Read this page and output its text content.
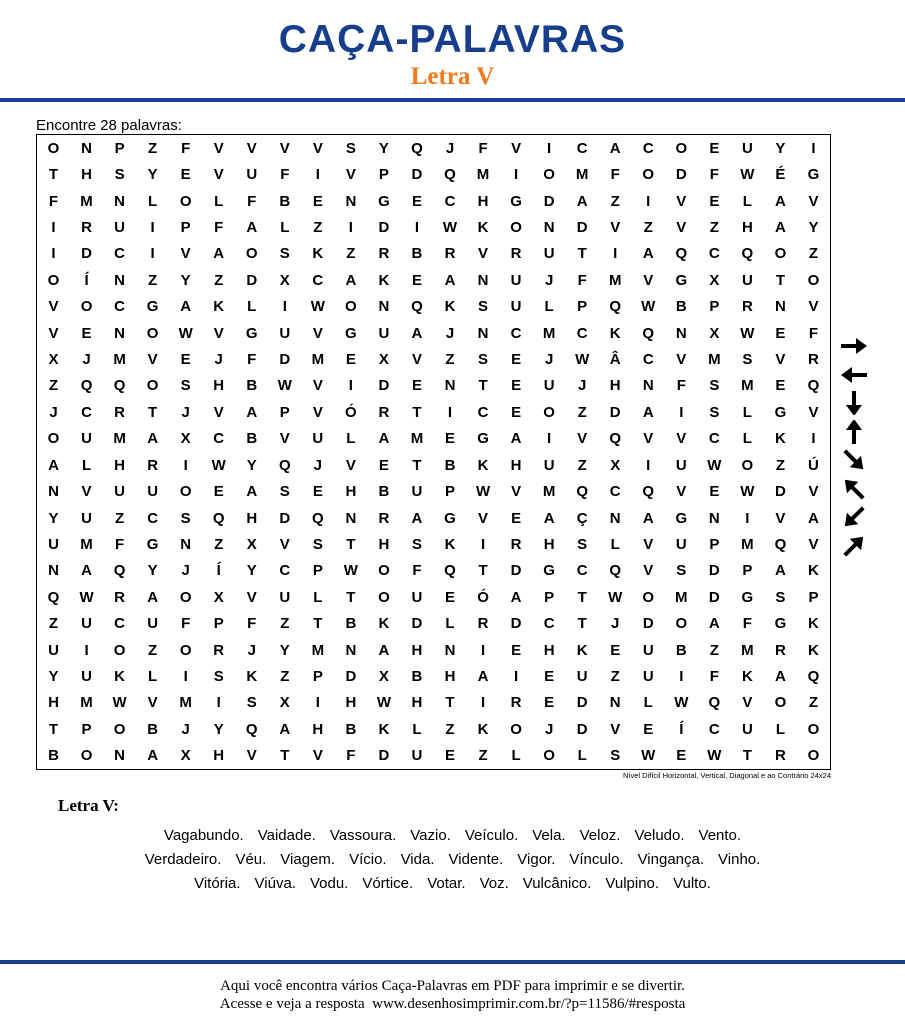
CAÇA-PALAVRAS
Letra V
Encontre 28 palavras:
O	N	P	Z	F	V	V	V	V	S	Y	Q	J	F	V	I	C	A	C	O	E	U	Y	I
T	H	S	Y	E	V	U	F	I	V	P	D	Q	M	I	O	M	F	O	D	F	W	É	G
F	M	N	L	O	L	F	B	E	N	G	E	C	H	G	D	A	Z	I	V	E	L	A	V
I	R	U	I	P	F	A	L	Z	I	D	I	W	K	O	N	D	V	Z	V	Z	H	A	Y
I	D	C	I	V	A	O	S	K	Z	R	B	R	V	R	U	T	I	A	Q	C	Q	O	Z
O	Í	N	Z	Y	Z	D	X	C	A	K	E	A	N	U	J	F	M	V	G	X	U	T	O
V	O	C	G	A	K	L	I	W	O	N	Q	K	S	U	L	P	Q	W	B	P	R	N	V
V	E	N	O	W	V	G	U	V	G	U	A	J	N	C	M	C	K	Q	N	X	W	E	F
X	J	M	V	E	J	F	D	M	E	X	V	Z	S	E	J	W	Â	C	V	M	S	V	R
Z	Q	Q	O	S	H	B	W	V	I	D	E	N	T	E	U	J	H	N	F	S	M	E	Q
J	C	R	T	J	V	A	P	V	Ó	R	T	I	C	E	O	Z	D	A	I	S	L	G	V
O	U	M	A	X	C	B	V	U	L	A	M	E	G	A	I	V	Q	V	V	C	L	K	I
A	L	H	R	I	W	Y	Q	J	V	E	T	B	K	H	U	Z	X	I	U	W	O	Z	Ú
N	V	U	U	O	E	A	S	E	H	B	U	P	W	V	M	Q	C	Q	V	E	W	D	V
Y	U	Z	C	S	Q	H	D	Q	N	R	A	G	V	E	A	Ç	N	A	G	N	I	V	A
U	M	F	G	N	Z	X	V	S	T	H	S	K	I	R	H	S	L	V	U	P	M	Q	V
N	A	Q	Y	J	Í	Y	C	P	W	O	F	Q	T	D	G	C	Q	V	S	D	P	A	K
Q	W	R	A	O	X	V	U	L	T	O	U	E	Ó	A	P	T	W	O	M	D	G	S	P
Z	U	C	U	F	P	F	Z	T	B	K	D	L	R	D	C	T	J	D	O	A	F	G	K
U	I	O	Z	O	R	J	Y	M	N	A	H	N	I	E	H	K	E	U	B	Z	M	R	K
Y	U	K	L	I	S	K	Z	P	D	X	B	H	A	I	E	U	Z	U	I	F	K	A	Q
H	M	W	V	M	I	S	X	I	H	W	H	T	I	R	E	D	N	L	W	Q	V	O	Z
T	P	O	B	J	Y	Q	A	H	B	K	L	Z	K	O	J	D	V	E	Í	C	U	L	O
B	O	N	A	X	H	V	T	V	F	D	U	E	Z	L	O	L	S	W	E	W	T	R	O
Nível Difícil Horizontal, Vertical, Diagonal e ao Contrário 24x24
Letra V:
Vagabundo. Vaidade. Vassoura. Vazio. Veículo. Vela. Veloz. Veludo. Vento.
Verdadeiro. Véu. Viagem. Vício. Vida. Vidente. Vigor. Vínculo. Vingança. Vinho.
Vitória. Viúva. Vodu. Vórtice. Votar. Voz. Vulcânico. Vulpino. Vulto.
Aqui você encontra vários Caça-Palavras em PDF para imprimir e se divertir.
Acesse e veja a resposta  www.desenhosimprimir.com.br/?p=11586/#resposta
